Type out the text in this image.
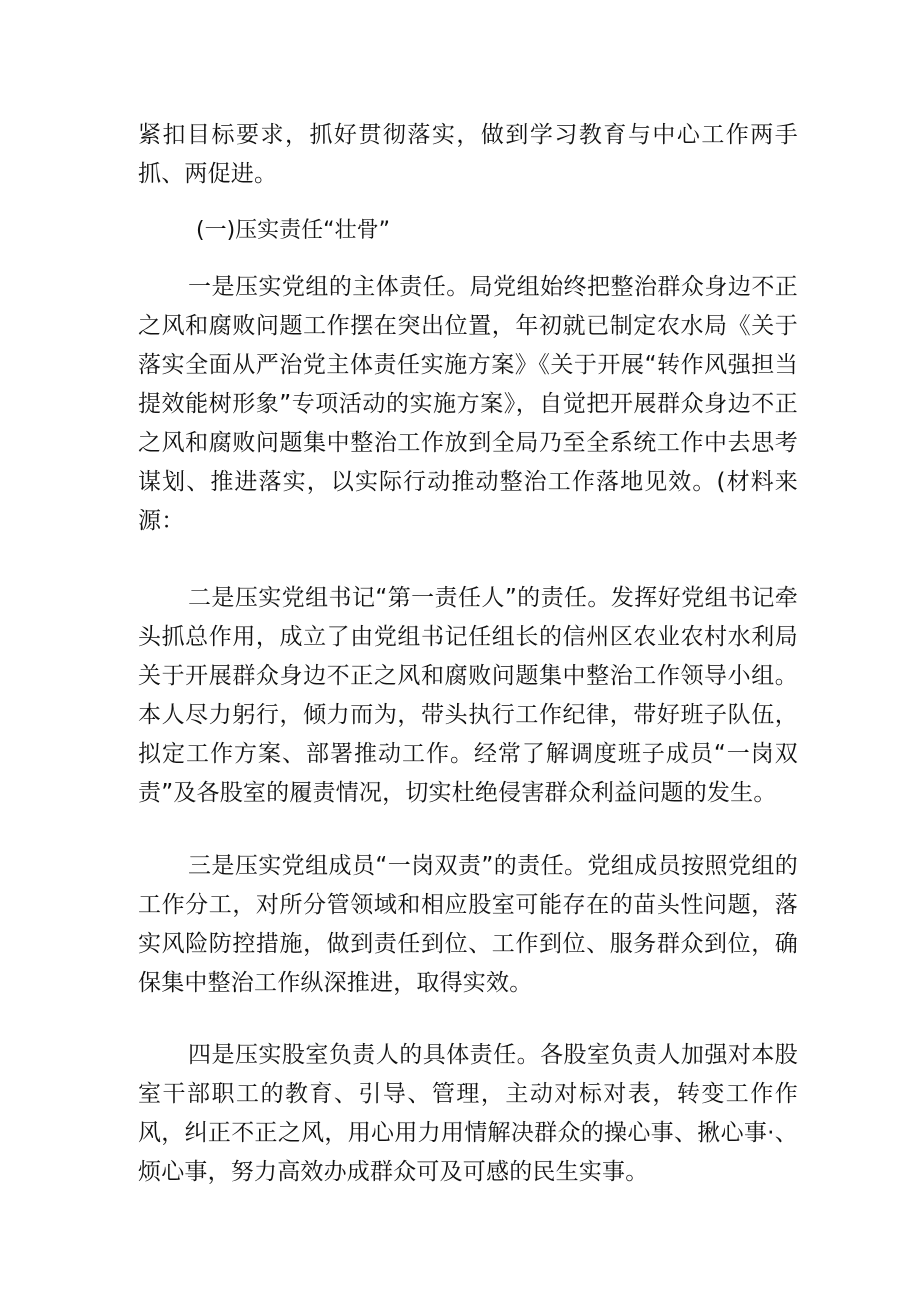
紧扣目标要求，抓好贯彻落实，做到学习教育与中心工作两手抓、两促进。

(一)压实责任“壮骨”

一是压实党组的主体责任。局党组始终把整治群众身边不正之风和腐败问题工作摆在突出位置，年初就已制定农水局《关于落实全面从严治党主体责任实施方案》《关于开展“转作风强担当提效能树形象”专项活动的实施方案》，自觉把开展群众身边不正之风和腐败问题集中整治工作放到全局乃至全系统工作中去思考谋划、推进落实，以实际行动推动整治工作落地见效。(材料来源：

二是压实党组书记“第一责任人”的责任。发挥好党组书记牵头抓总作用，成立了由党组书记任组长的信州区农业农村水利局关于开展群众身边不正之风和腐败问题集中整治工作领导小组。本人尽力躬行，倾力而为，带头执行工作纪律，带好班子队伍，拟定工作方案、部署推动工作。经常了解调度班子成员“一岗双责”及各股室的履责情况，切实杜绝侵害群众利益问题的发生。

三是压实党组成员“一岗双责”的责任。党组成员按照党组的工作分工，对所分管领域和相应股室可能存在的苗头性问题，落实风险防控措施，做到责任到位、工作到位、服务群众到位，确保集中整治工作纵深推进，取得实效。

四是压实股室负责人的具体责任。各股室负责人加强对本股室干部职工的教育、引导、管理，主动对标对表，转变工作作风，纠正不正之风，用心用力用情解决群众的操心事、揪心事·、烦心事，努力高效办成群众可及可感的民生实事。
